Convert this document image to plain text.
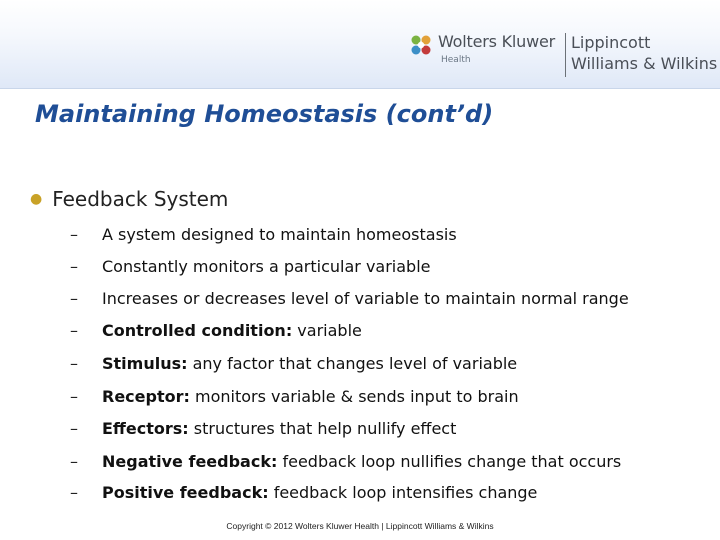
Wolters Kluwer
Health
Lippincott
Williams & Wilkins
Maintaining Homeostasis (cont’d)
● Feedback System
– A system designed to maintain homeostasis
– Constantly monitors a particular variable
– Increases or decreases level of variable to maintain normal range
– Controlled condition: variable
– Stimulus: any factor that changes level of variable
– Receptor: monitors variable & sends input to brain
– Effectors: structures that help nullify effect
– Negative feedback: feedback loop nullifies change that occurs
– Positive feedback: feedback loop intensifies change
Copyright © 2012 Wolters Kluwer Health | Lippincott Williams & Wilkins
